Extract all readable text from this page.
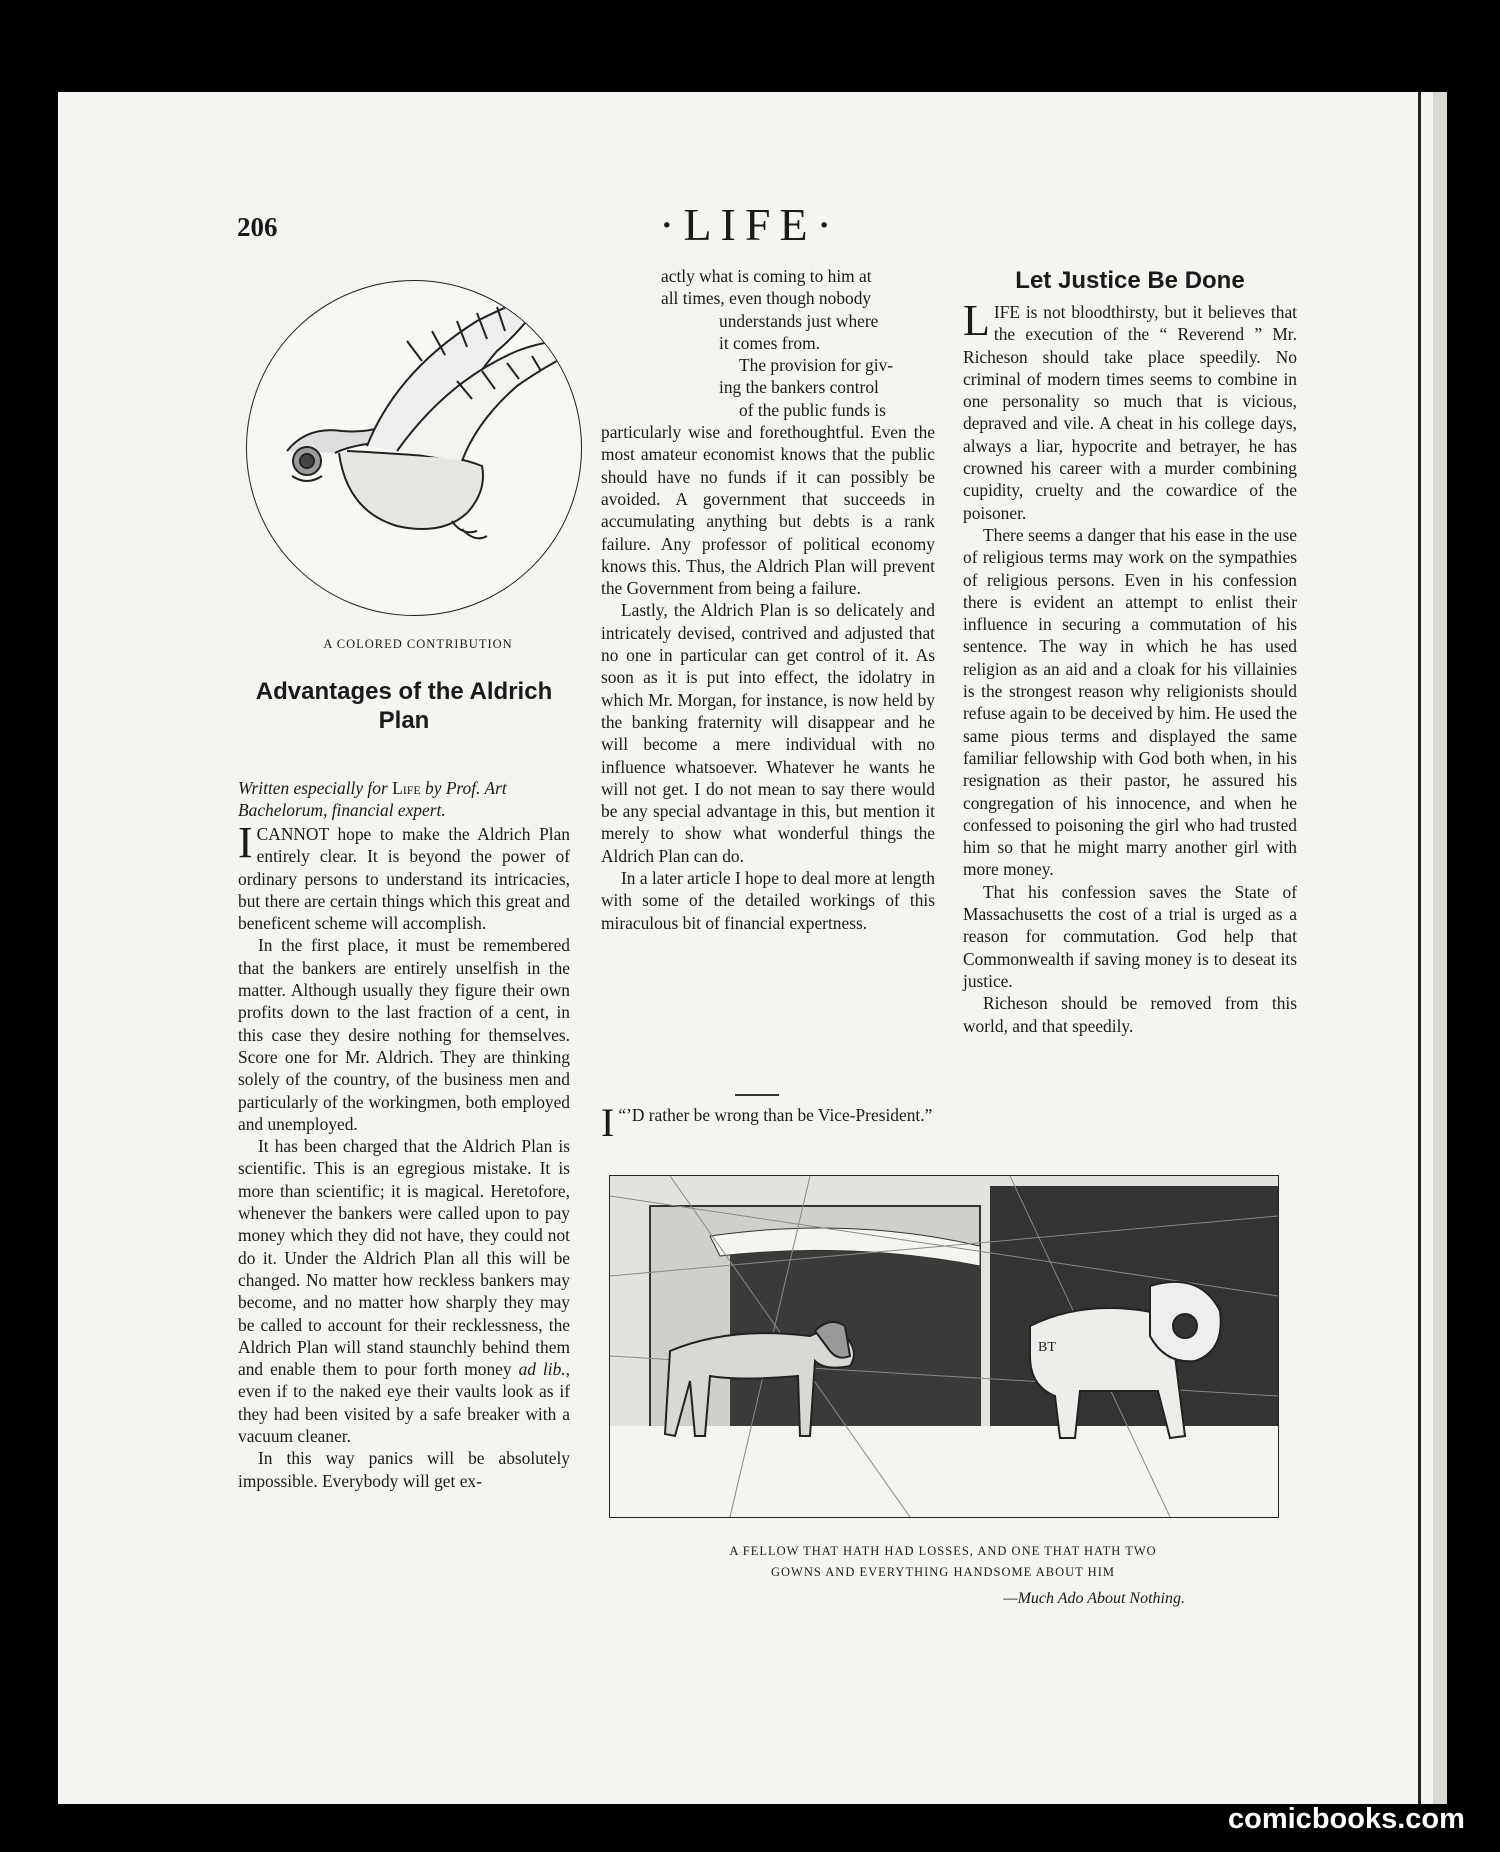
206	·LIFE·
A COLORED CONTRIBUTION
Advantages of the Aldrich
Plan
Written especially for Life by Prof. Art Bachelorum, financial expert.

ICANNOT hope to make the Aldrich Plan entirely clear. It is beyond the power of ordinary persons to understand its intricacies, but there are certain things which this great and beneficent scheme will accomplish.

In the first place, it must be remembered that the bankers are entirely unselfish in the matter. Although usually they figure their own profits down to the last fraction of a cent, in this case they desire nothing for themselves. Score one for Mr. Aldrich. They are thinking solely of the country, of the business men and particularly of the workingmen, both employed and unemployed.

It has been charged that the Aldrich Plan is scientific. This is an egregious mistake. It is more than scientific; it is magical. Heretofore, whenever the bankers were called upon to pay money which they did not have, they could not do it. Under the Aldrich Plan all this will be changed. No matter how reckless bankers may become, and no matter how sharply they may be called to account for their recklessness, the Aldrich Plan will stand staunchly behind them and enable them to pour forth money ad lib., even if to the naked eye their vaults look as if they had been visited by a safe breaker with a vacuum cleaner.

In this way panics will be absolutely impossible. Everybody will get ex-

actly what is coming to him at
all times, even though nobody
understands just where
it comes from.
The provision for giv-
ing the bankers control
of the public funds is

particularly wise and forethoughtful. Even the most amateur economist knows that the public should have no funds if it can possibly be avoided. A government that succeeds in accumulating anything but debts is a rank failure. Any professor of political economy knows this. Thus, the Aldrich Plan will prevent the Government from being a failure.

Lastly, the Aldrich Plan is so delicately and intricately devised, contrived and adjusted that no one in particular can get control of it. As soon as it is put into effect, the idolatry in which Mr. Morgan, for instance, is now held by the banking fraternity will disappear and he will become a mere individual with no influence whatsoever. Whatever he wants he will not get. I do not mean to say there would be any special advantage in this, but mention it merely to show what wonderful things the Aldrich Plan can do.

In a later article I hope to deal more at length with some of the detailed workings of this miraculous bit of financial expertness.

“
I ’D rather be wrong than be Vice-President.”

Let Justice Be Done

LIFE is not bloodthirsty, but it believes that the execution of the “ Reverend ” Mr. Richeson should take place speedily. No criminal of modern times seems to combine in one personality so much that is vicious, depraved and vile. A cheat in his college days, always a liar, hypocrite and betrayer, he has crowned his career with a murder combining cupidity, cruelty and the cowardice of the poisoner.

There seems a danger that his ease in the use of religious terms may work on the sympathies of religious persons. Even in his confession there is evident an attempt to enlist their influence in securing a commutation of his sentence. The way in which he has used religion as an aid and a cloak for his villainies is the strongest reason why religionists should refuse again to be deceived by him. He used the same pious terms and displayed the same familiar fellowship with God both when, in his resignation as their pastor, he assured his congregation of his innocence, and when he confessed to poisoning the girl who had trusted him so that he might marry another girl with more money.

That his confession saves the State of Massachusetts the cost of a trial is urged as a reason for commutation. God help that Commonwealth if saving money is to deseat its justice.

Richeson should be removed from this world, and that speedily.

BT
A FELLOW THAT HATH HAD LOSSES, AND ONE THAT HATH TWO
GOWNS AND EVERYTHING HANDSOME ABOUT HIM
—Much Ado About Nothing.
comicbooks.com
